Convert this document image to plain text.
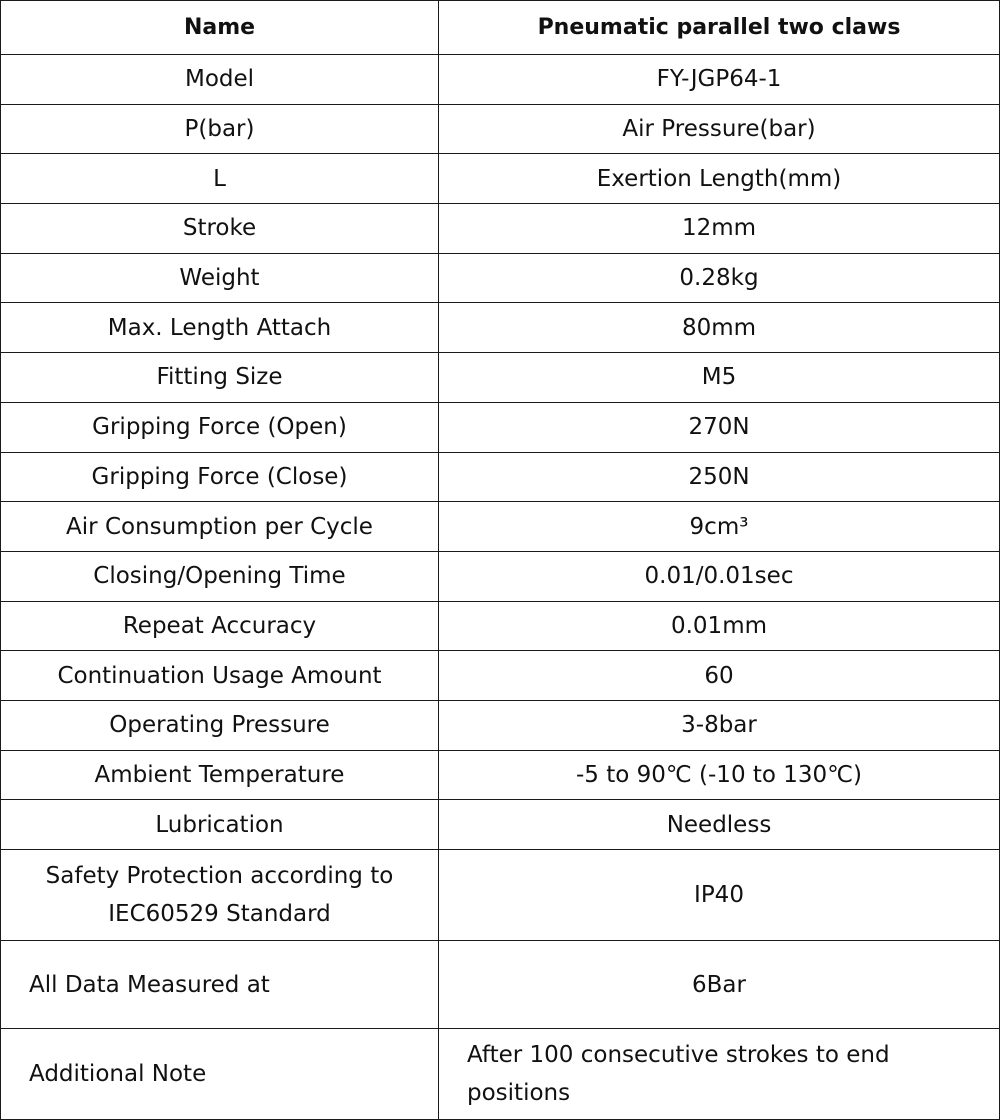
Name	Pneumatic parallel two claws
Model	FY-JGP64-1
P(bar)	Air Pressure(bar)
L	Exertion Length(mm)
Stroke	12mm
Weight	0.28kg
Max. Length Attach	80mm
Fitting Size	M5
Gripping Force (Open)	270N
Gripping Force (Close)	250N
Air Consumption per Cycle	9cm³
Closing/Opening Time	0.01/0.01sec
Repeat Accuracy	0.01mm
Continuation Usage Amount	60
Operating Pressure	3-8bar
Ambient Temperature	-5 to 90℃ (-10 to 130℃)
Lubrication	Needless
Safety Protection according to IEC60529 Standard	IP40
All Data Measured at	6Bar
Additional Note	After 100 consecutive strokes to end positions
